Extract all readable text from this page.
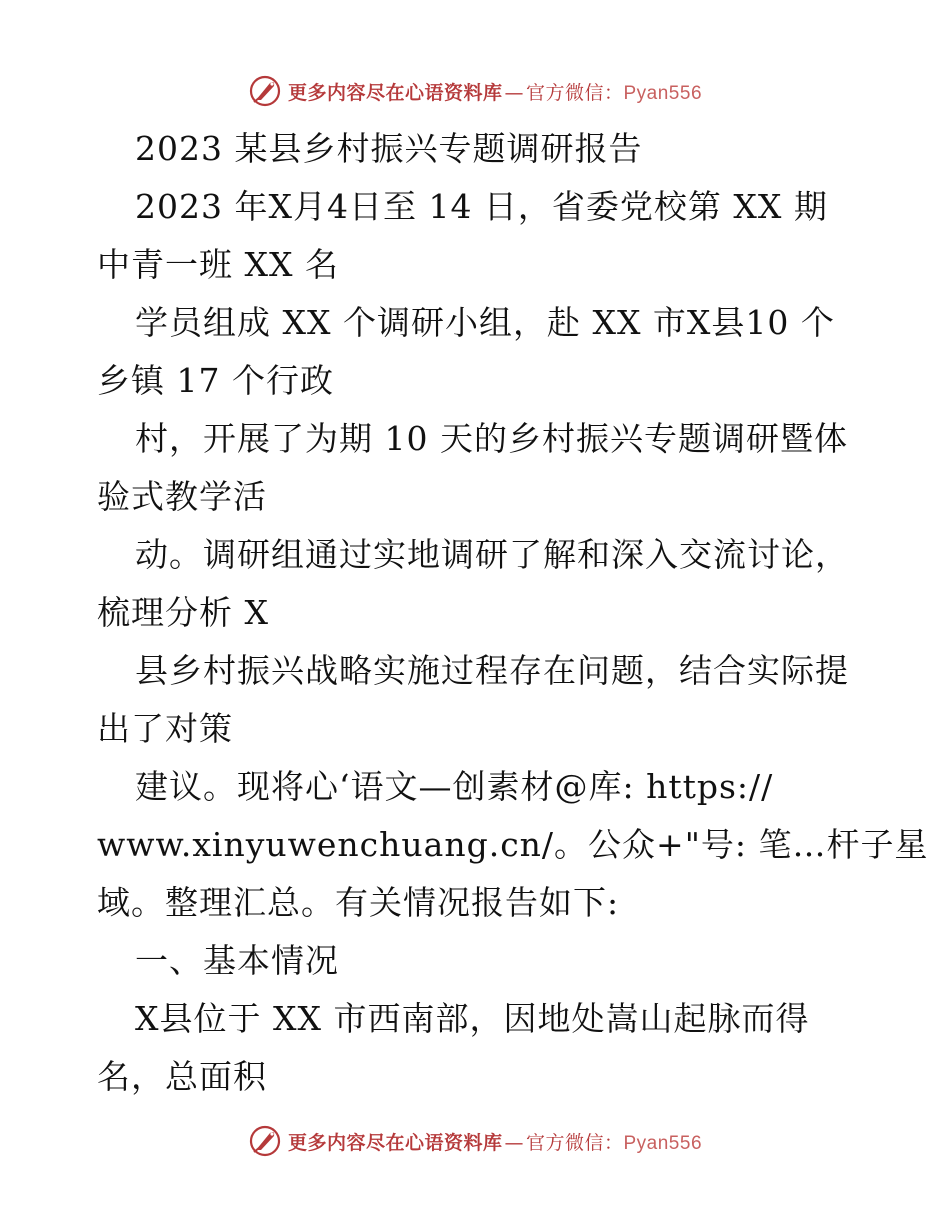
更多内容尽在心语资料库 — 官方微信：Pyan556
2023 某县乡村振兴专题调研报告
2023 年X月4日至 14 日，省委党校第 XX 期
中青一班 XX 名
学员组成 XX 个调研小组，赴 XX 市X县10 个
乡镇 17 个行政
村，开展了为期 10 天的乡村振兴专题调研暨体
验式教学活
动。调研组通过实地调研了解和深入交流讨论，
梳理分析 X
县乡村振兴战略实施过程存在问题，结合实际提
出了对策
建议。现将心‘语文—创素材@库: https://
www.xinyuwenchuang.cn/。公众+"号: 笔…杆子星
域。整理汇总。有关情况报告如下:
一、基本情况
X县位于 XX 市西南部，因地处嵩山起脉而得
名，总面积
更多内容尽在心语资料库 — 官方微信：Pyan556
